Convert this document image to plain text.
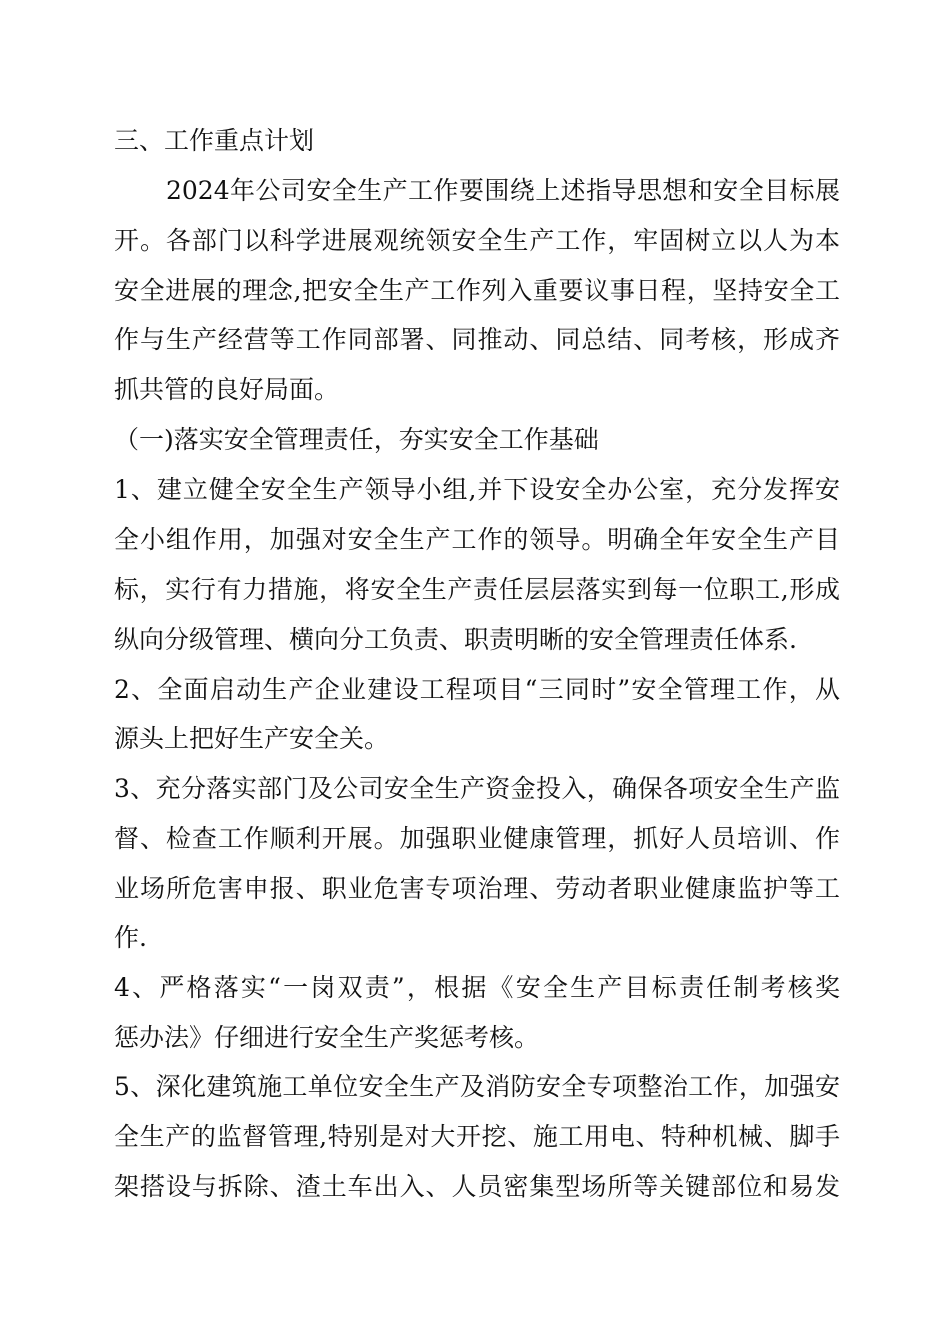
三、工作重点计划
2024年公司安全生产工作要围绕上述指导思想和安全目标展
开。各部门以科学进展观统领安全生产工作，牢固树立以人为本
安全进展的理念,把安全生产工作列入重要议事日程，坚持安全工
作与生产经营等工作同部署、同推动、同总结、同考核，形成齐
抓共管的良好局面。
（一)落实安全管理责任，夯实安全工作基础
1、建立健全安全生产领导小组,并下设安全办公室，充分发挥安
全小组作用，加强对安全生产工作的领导。明确全年安全生产目
标，实行有力措施，将安全生产责任层层落实到每一位职工,形成
纵向分级管理、横向分工负责、职责明晰的安全管理责任体系.
2、全面启动生产企业建设工程项目“三同时”安全管理工作，从
源头上把好生产安全关。
3、充分落实部门及公司安全生产资金投入，确保各项安全生产监
督、检查工作顺利开展。加强职业健康管理，抓好人员培训、作
业场所危害申报、职业危害专项治理、劳动者职业健康监护等工
作.
4、严格落实“一岗双责”，根据《安全生产目标责任制考核奖
惩办法》仔细进行安全生产奖惩考核。
5、深化建筑施工单位安全生产及消防安全专项整治工作，加强安
全生产的监督管理,特别是对大开挖、施工用电、特种机械、脚手
架搭设与拆除、渣土车出入、人员密集型场所等关键部位和易发
